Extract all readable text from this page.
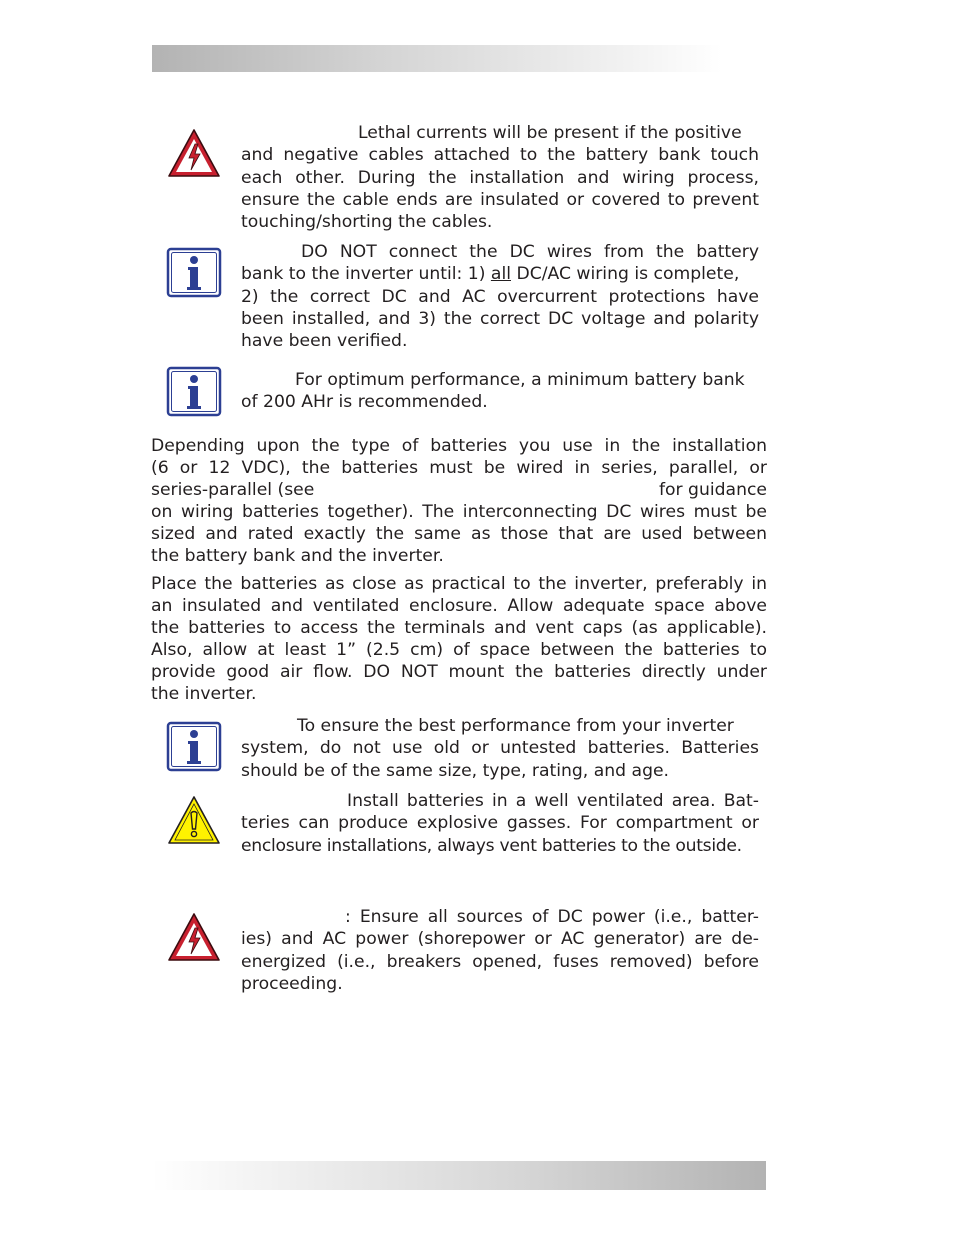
Lethal currents will be present if the positive
and negative cables attached to the battery bank touch
each other. During the installation and wiring process,
ensure the cable ends are insulated or covered to prevent
touching/shorting the cables.
DO NOT connect the DC wires from the battery
bank to the inverter until: 1) all DC/AC wiring is complete,
2) the correct DC and AC overcurrent protections have
been installed, and 3) the correct DC voltage and polarity
have been verified.
For optimum performance, a minimum battery bank
of 200 AHr is recommended.
Depending upon the type of batteries you use in the installation
(6 or 12 VDC), the batteries must be wired in series, parallel, or
series-parallel (see	for guidance
on wiring batteries together). The interconnecting DC wires must be
sized and rated exactly the same as those that are used between
the battery bank and the inverter.
Place the batteries as close as practical to the inverter, preferably in
an insulated and ventilated enclosure. Allow adequate space above
the batteries to access the terminals and vent caps (as applicable).
Also, allow at least 1” (2.5 cm) of space between the batteries to
provide good air flow. DO NOT mount the batteries directly under
the inverter.
To ensure the best performance from your inverter
system, do not use old or untested batteries. Batteries
should be of the same size, type, rating, and age.
Install batteries in a well ventilated area. Bat-
teries can produce explosive gasses. For compartment or
enclosure installations, always vent batteries to the outside.
: Ensure all sources of DC power (i.e., batter-
ies) and AC power (shorepower or AC generator) are de-
energized (i.e., breakers opened, fuses removed) before
proceeding.
